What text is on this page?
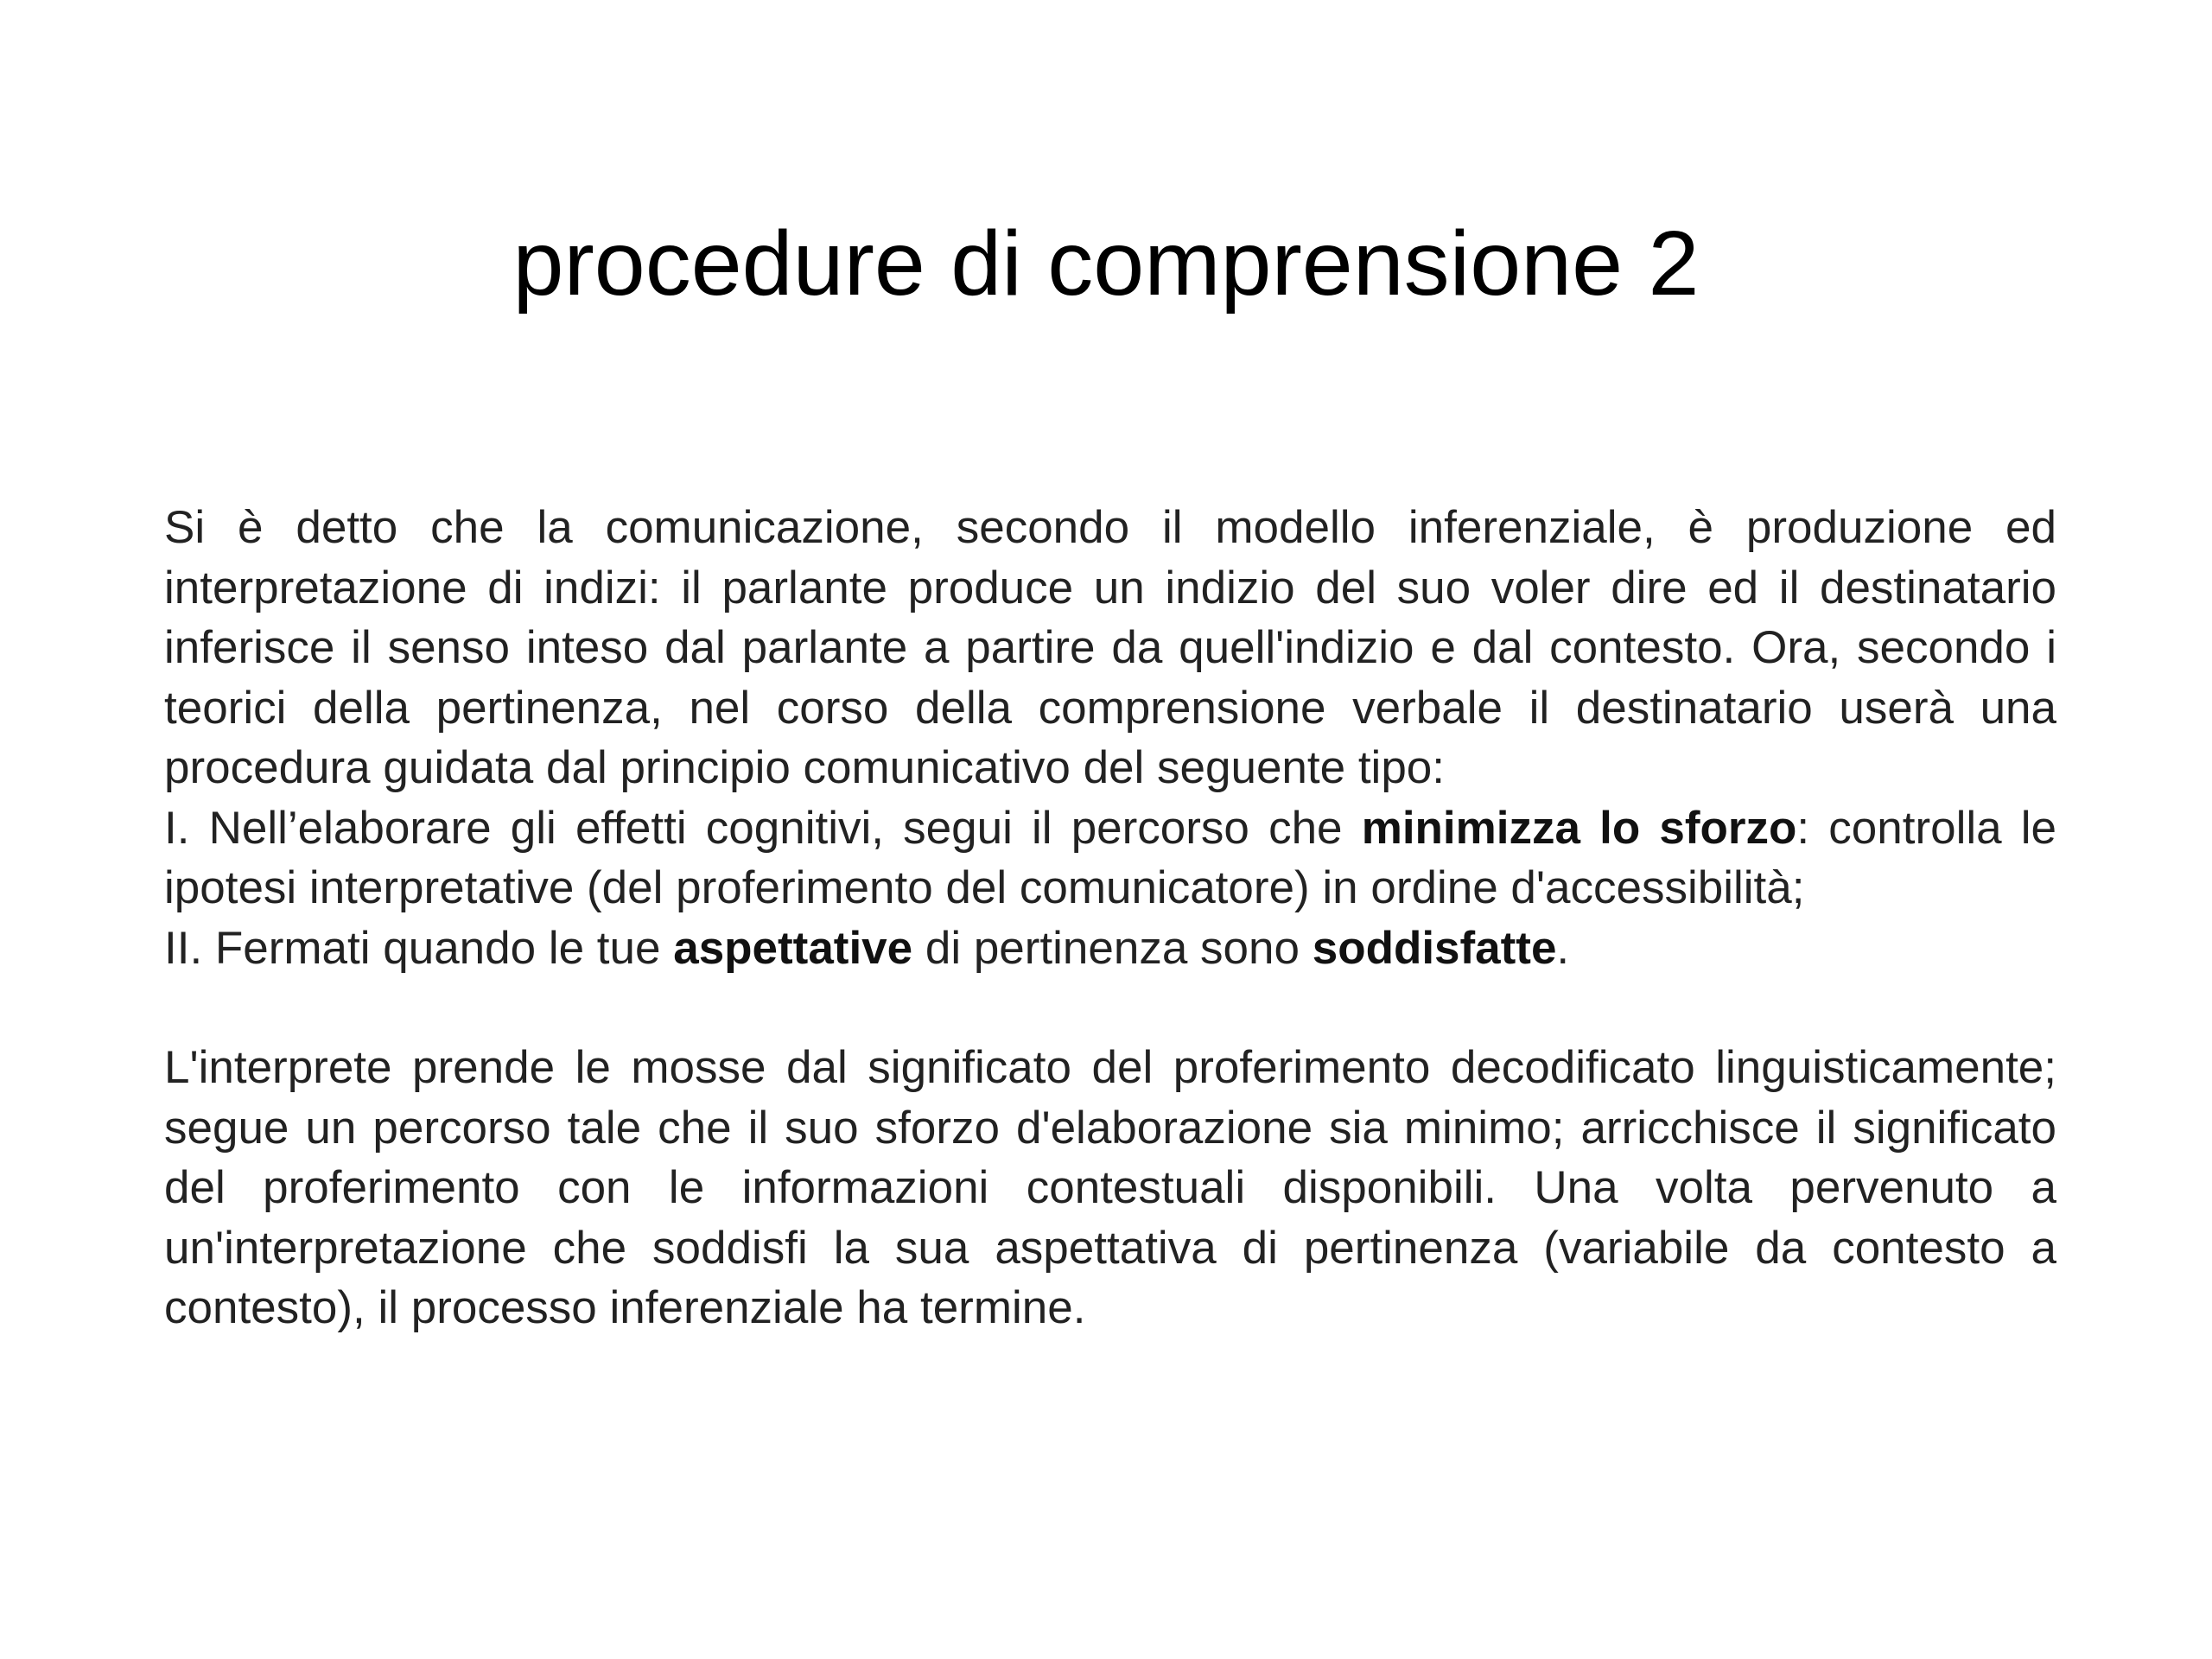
procedure di comprensione 2

Si è detto che la comunicazione, secondo il modello inferenziale, è produzione ed interpretazione di indizi: il parlante produce un indizio del suo voler dire ed il destinatario inferisce il senso inteso dal parlante a partire da quell'indizio e dal contesto. Ora, secondo i teorici della pertinenza, nel corso della comprensione verbale il destinatario userà una procedura guidata dal principio comunicativo del seguente tipo:

I. Nell’elaborare gli effetti cognitivi, segui il percorso che minimizza lo sforzo: controlla le ipotesi interpretative (del proferimento del comunicatore) in ordine d'accessibilità;

II. Fermati quando le tue aspettative di pertinenza sono soddisfatte.

L'interprete prende le mosse dal significato del proferimento decodificato linguisticamente; segue un percorso tale che il suo sforzo d'elaborazione sia minimo; arricchisce il significato del proferimento con le informazioni contestuali disponibili. Una volta pervenuto a un'interpretazione che soddisfi la sua aspettativa di pertinenza (variabile da contesto a contesto), il processo inferenziale ha termine.
